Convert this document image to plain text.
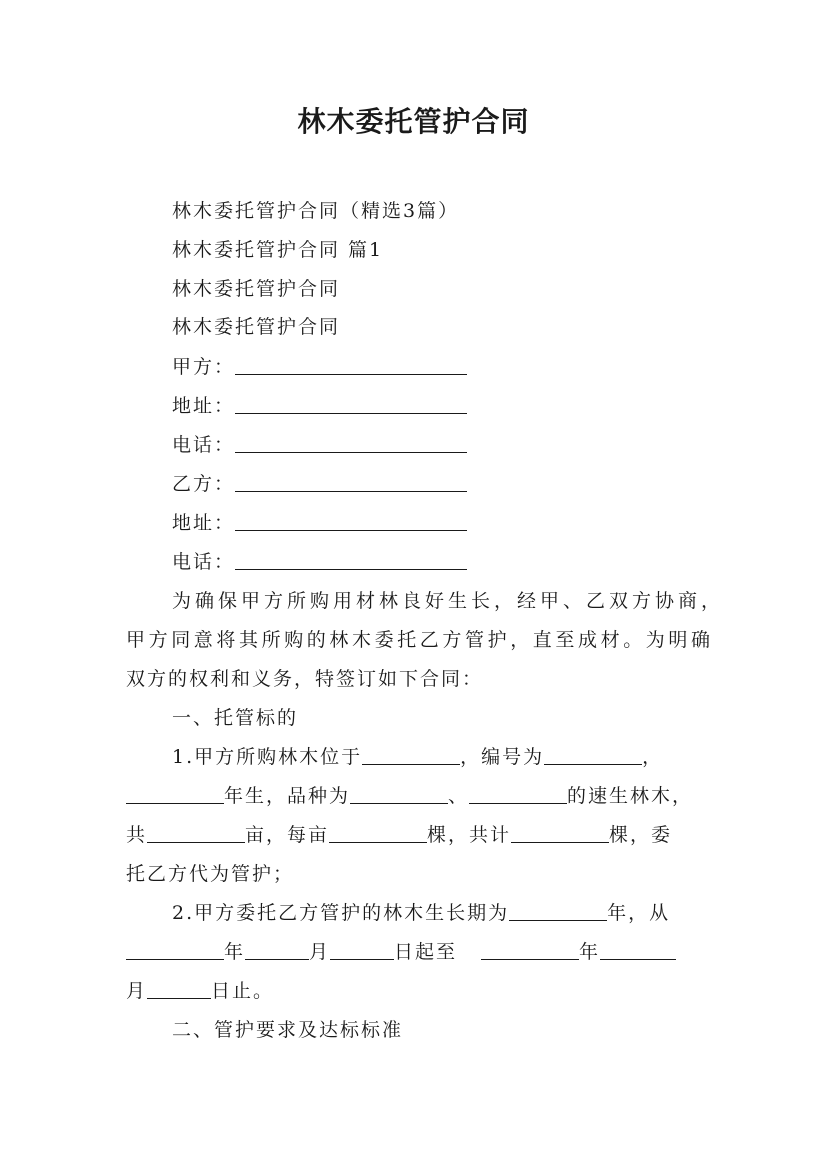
林木委托管护合同
林木委托管护合同（精选3篇）
林木委托管护合同 篇1
林木委托管护合同
林木委托管护合同
甲方：
地址：
电话：
乙方：
地址：
电话：
为确保甲方所购用材林良好生长，经甲、乙双方协商，
甲方同意将其所购的林木委托乙方管护，直至成材。为明确
双方的权利和义务，特签订如下合同：
一、托管标的
1.甲方所购林木位于	，编号为	，
年生，品种为	、	的速生林木，
共	亩，每亩	棵，共计	棵，委
托乙方代为管护；
2.甲方委托乙方管护的林木生长期为	年，从
年	月	日起至	年
月	日止。
二、管护要求及达标标准
